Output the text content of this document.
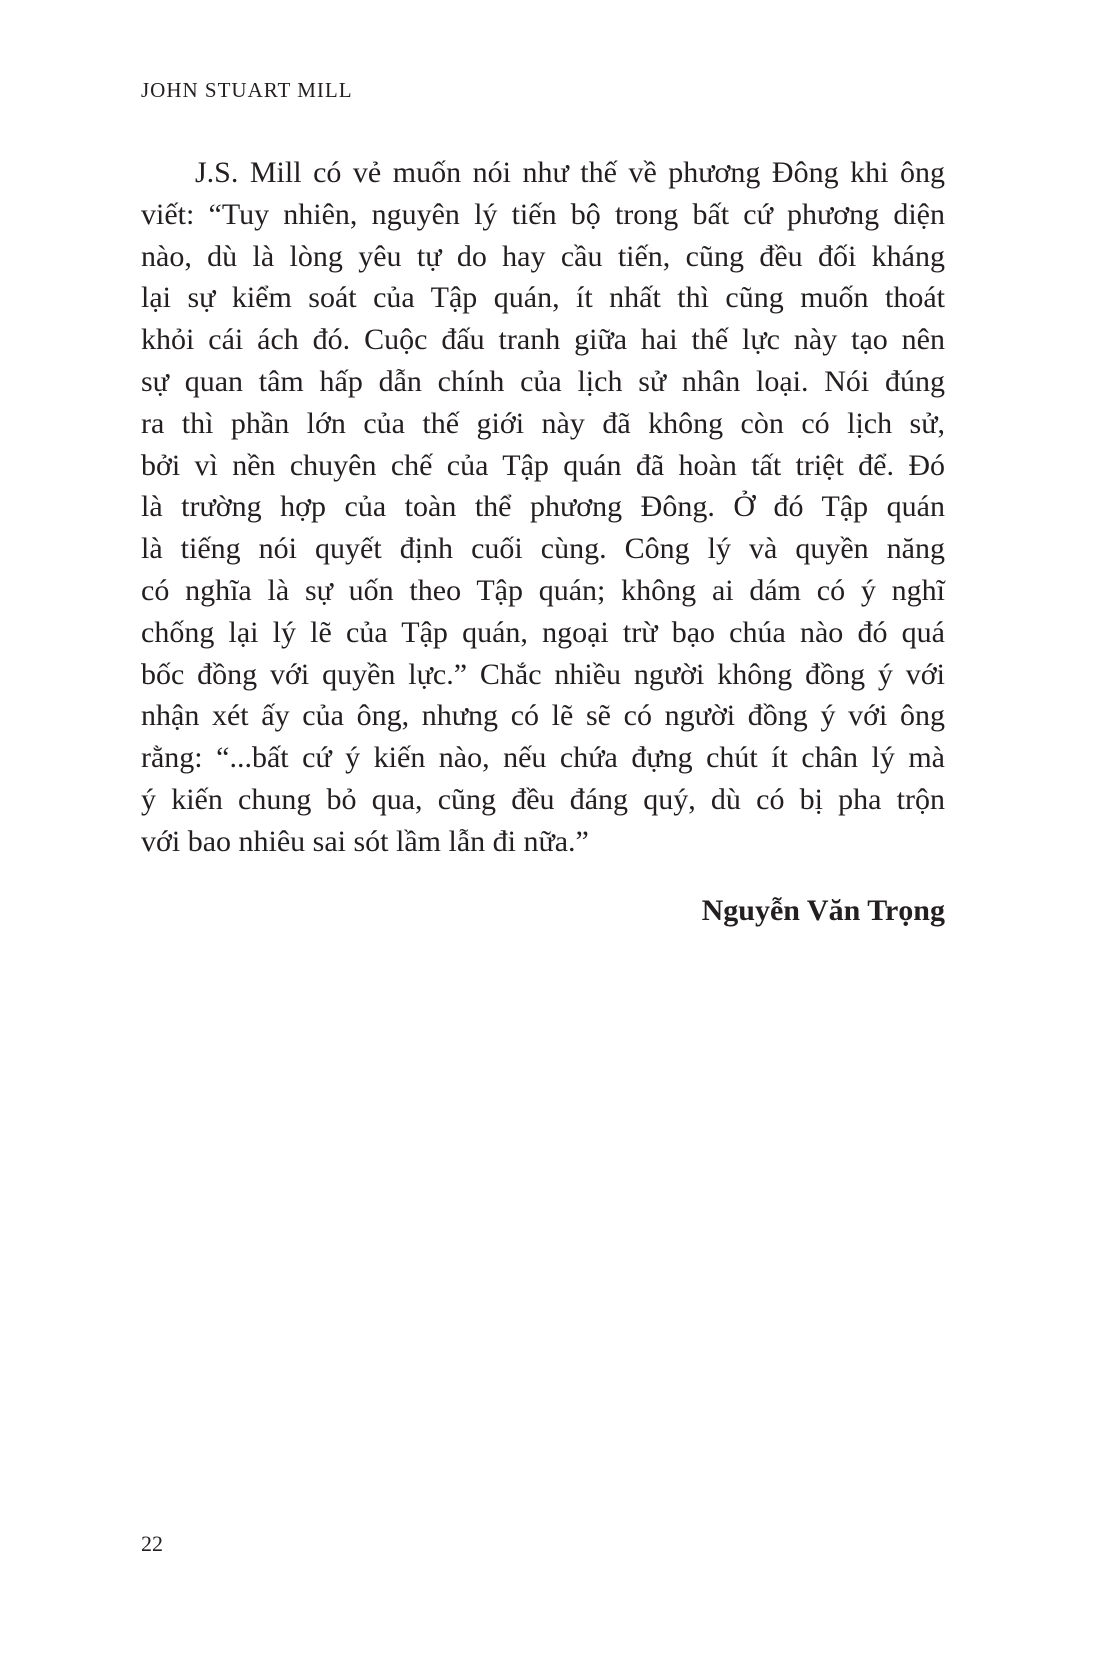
JOHN STUART MILL
J.S. Mill có vẻ muốn nói như thế về phương Đông khi ông
viết: “Tuy nhiên, nguyên lý tiến bộ trong bất cứ phương diện
nào, dù là lòng yêu tự do hay cầu tiến, cũng đều đối kháng
lại sự kiểm soát của Tập quán, ít nhất thì cũng muốn thoát
khỏi cái ách đó. Cuộc đấu tranh giữa hai thế lực này tạo nên
sự quan tâm hấp dẫn chính của lịch sử nhân loại. Nói đúng
ra thì phần lớn của thế giới này đã không còn có lịch sử,
bởi vì nền chuyên chế của Tập quán đã hoàn tất triệt để. Đó
là trường hợp của toàn thể phương Đông. Ở đó Tập quán
là tiếng nói quyết định cuối cùng. Công lý và quyền năng
có nghĩa là sự uốn theo Tập quán; không ai dám có ý nghĩ
chống lại lý lẽ của Tập quán, ngoại trừ bạo chúa nào đó quá
bốc đồng với quyền lực.” Chắc nhiều người không đồng ý với
nhận xét ấy của ông, nhưng có lẽ sẽ có người đồng ý với ông
rằng: “...bất cứ ý kiến nào, nếu chứa đựng chút ít chân lý mà
ý kiến chung bỏ qua, cũng đều đáng quý, dù có bị pha trộn
với bao nhiêu sai sót lầm lẫn đi nữa.”
Nguyễn Văn Trọng
22
